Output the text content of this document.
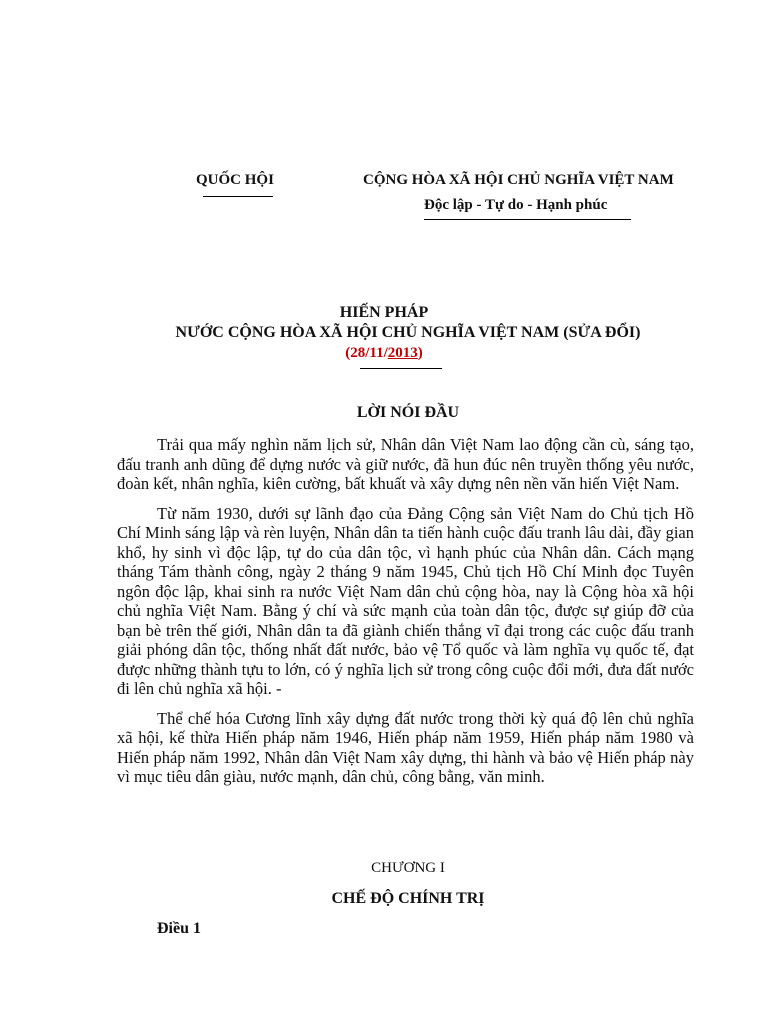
QUỐC HỘI	CỘNG HÒA XÃ HỘI CHỦ NGHĨA VIỆT NAM
Độc lập - Tự do - Hạnh phúc
HIẾN PHÁP
NƯỚC CỘNG HÒA XÃ HỘI CHỦ NGHĨA VIỆT NAM (SỬA ĐỔI)
(28/11/2013)
LỜI NÓI ĐẦU

Trải qua mấy nghìn năm lịch sử, Nhân dân Việt Nam lao động cần cù, sáng tạo, đấu tranh anh dũng để dựng nước và giữ nước, đã hun đúc nên truyền thống yêu nước, đoàn kết, nhân nghĩa, kiên cường, bất khuất và xây dựng nên nền văn hiến Việt Nam.

Từ năm 1930, dưới sự lãnh đạo của Đảng Cộng sản Việt Nam do Chủ tịch Hồ Chí Minh sáng lập và rèn luyện, Nhân dân ta tiến hành cuộc đấu tranh lâu dài, đầy gian khổ, hy sinh vì độc lập, tự do của dân tộc, vì hạnh phúc của Nhân dân. Cách mạng tháng Tám thành công, ngày 2 tháng 9 năm 1945, Chủ tịch Hồ Chí Minh đọc Tuyên ngôn độc lập, khai sinh ra nước Việt Nam dân chủ cộng hòa, nay là Cộng hòa xã hội chủ nghĩa Việt Nam. Bằng ý chí và sức mạnh của toàn dân tộc, được sự giúp đỡ của bạn bè trên thế giới, Nhân dân ta đã giành chiến thắng vĩ đại trong các cuộc đấu tranh giải phóng dân tộc, thống nhất đất nước, bảo vệ Tổ quốc và làm nghĩa vụ quốc tế, đạt được những thành tựu to lớn, có ý nghĩa lịch sử trong công cuộc đổi mới, đưa đất nước đi lên chủ nghĩa xã hội. -

Thể chế hóa Cương lĩnh xây dựng đất nước trong thời kỳ quá độ lên chủ nghĩa xã hội, kế thừa Hiến pháp năm 1946, Hiến pháp năm 1959, Hiến pháp năm 1980 và Hiến pháp năm 1992, Nhân dân Việt Nam xây dựng, thi hành và bảo vệ Hiến pháp này vì mục tiêu dân giàu, nước mạnh, dân chủ, công bằng, văn minh.

CHƯƠNG I
CHẾ ĐỘ CHÍNH TRỊ
Điều 1
